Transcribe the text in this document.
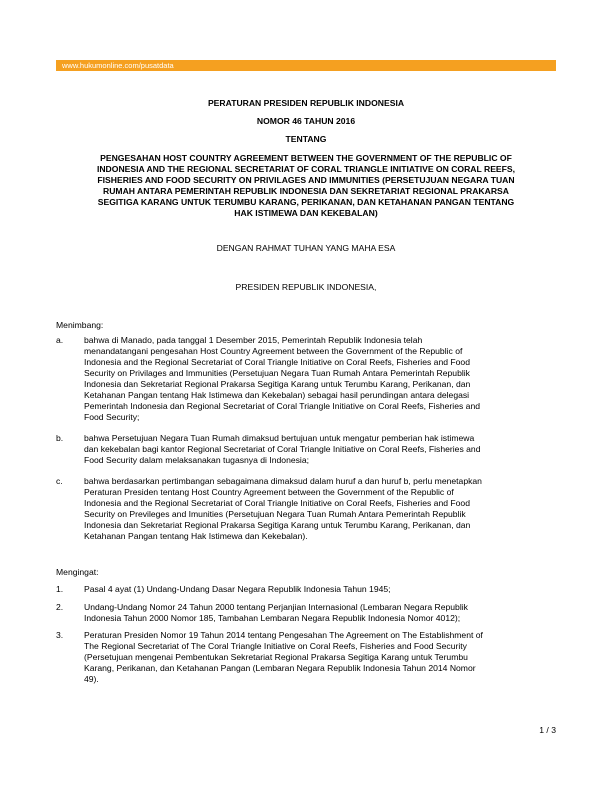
www.hukumonline.com/pusatdata
PERATURAN PRESIDEN REPUBLIK INDONESIA
NOMOR 46 TAHUN 2016
TENTANG
PENGESAHAN HOST COUNTRY AGREEMENT BETWEEN THE GOVERNMENT OF THE REPUBLIC OF
INDONESIA AND THE REGIONAL SECRETARIAT OF CORAL TRIANGLE INITIATIVE ON CORAL REEFS,
FISHERIES AND FOOD SECURITY ON PRIVILAGES AND IMMUNITIES (PERSETUJUAN NEGARA TUAN
RUMAH ANTARA PEMERINTAH REPUBLIK INDONESIA DAN SEKRETARIAT REGIONAL PRAKARSA
SEGITIGA KARANG UNTUK TERUMBU KARANG, PERIKANAN, DAN KETAHANAN PANGAN TENTANG
HAK ISTIMEWA DAN KEKEBALAN)
DENGAN RAHMAT TUHAN YANG MAHA ESA
PRESIDEN REPUBLIK INDONESIA,
Menimbang:
a. bahwa di Manado, pada tanggal 1 Desember 2015, Pemerintah Republik Indonesia telah
menandatangani pengesahan Host Country Agreement between the Government of the Republic of
Indonesia and the Regional Secretariat of Coral Triangle Initiative on Coral Reefs, Fisheries and Food
Security on Privilages and Immunities (Persetujuan Negara Tuan Rumah Antara Pemerintah Republik
Indonesia dan Sekretariat Regional Prakarsa Segitiga Karang untuk Terumbu Karang, Perikanan, dan
Ketahanan Pangan tentang Hak Istimewa dan Kekebalan) sebagai hasil perundingan antara delegasi
Pemerintah Indonesia dan Regional Secretariat of Coral Triangle Initiative on Coral Reefs, Fisheries and
Food Security;
b. bahwa Persetujuan Negara Tuan Rumah dimaksud bertujuan untuk mengatur pemberian hak istimewa
dan kekebalan bagi kantor Regional Secretariat of Coral Triangle Initiative on Coral Reefs, Fisheries and
Food Security dalam melaksanakan tugasnya di Indonesia;
c. bahwa berdasarkan pertimbangan sebagaimana dimaksud dalam huruf a dan huruf b, perlu menetapkan
Peraturan Presiden tentang Host Country Agreement between the Government of the Republic of
Indonesia and the Regional Secretariat of Coral Triangle Initiative on Coral Reefs, Fisheries and Food
Security on Previleges and Imunities (Persetujuan Negara Tuan Rumah Antara Pemerintah Republik
Indonesia dan Sekretariat Regional Prakarsa Segitiga Karang untuk Terumbu Karang, Perikanan, dan
Ketahanan Pangan tentang Hak Istimewa dan Kekebalan).
Mengingat:
1. Pasal 4 ayat (1) Undang-Undang Dasar Negara Republik Indonesia Tahun 1945;
2. Undang-Undang Nomor 24 Tahun 2000 tentang Perjanjian Internasional (Lembaran Negara Republik
Indonesia Tahun 2000 Nomor 185, Tambahan Lembaran Negara Republik Indonesia Nomor 4012);
3. Peraturan Presiden Nomor 19 Tahun 2014 tentang Pengesahan The Agreement on The Establishment of
The Regional Secretariat of The Coral Triangle Initiative on Coral Reefs, Fisheries and Food Security
(Persetujuan mengenai Pembentukan Sekretariat Regional Prakarsa Segitiga Karang untuk Terumbu
Karang, Perikanan, dan Ketahanan Pangan (Lembaran Negara Republik Indonesia Tahun 2014 Nomor
49).
1 / 3
